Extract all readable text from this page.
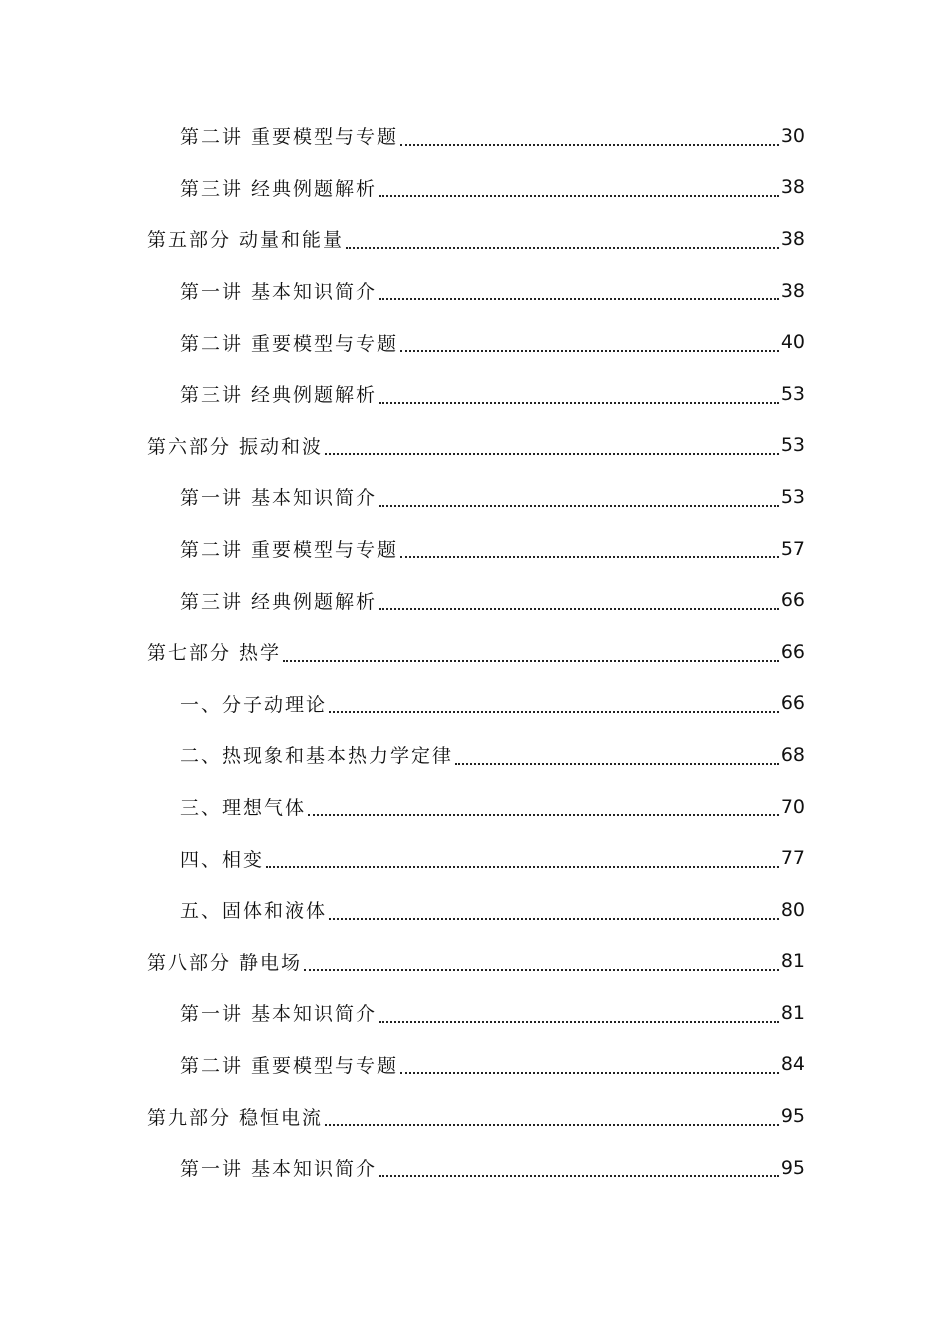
第二讲 重要模型与专题	30
第三讲 经典例题解析	38
第五部分 动量和能量	38
第一讲 基本知识简介	38
第二讲 重要模型与专题	40
第三讲 经典例题解析	53
第六部分 振动和波	53
第一讲 基本知识简介	53
第二讲 重要模型与专题	57
第三讲 经典例题解析	66
第七部分 热学	66
一、分子动理论	66
二、热现象和基本热力学定律	68
三、理想气体	70
四、相变	77
五、固体和液体	80
第八部分 静电场	81
第一讲 基本知识简介	81
第二讲 重要模型与专题	84
第九部分 稳恒电流	95
第一讲 基本知识简介	95
